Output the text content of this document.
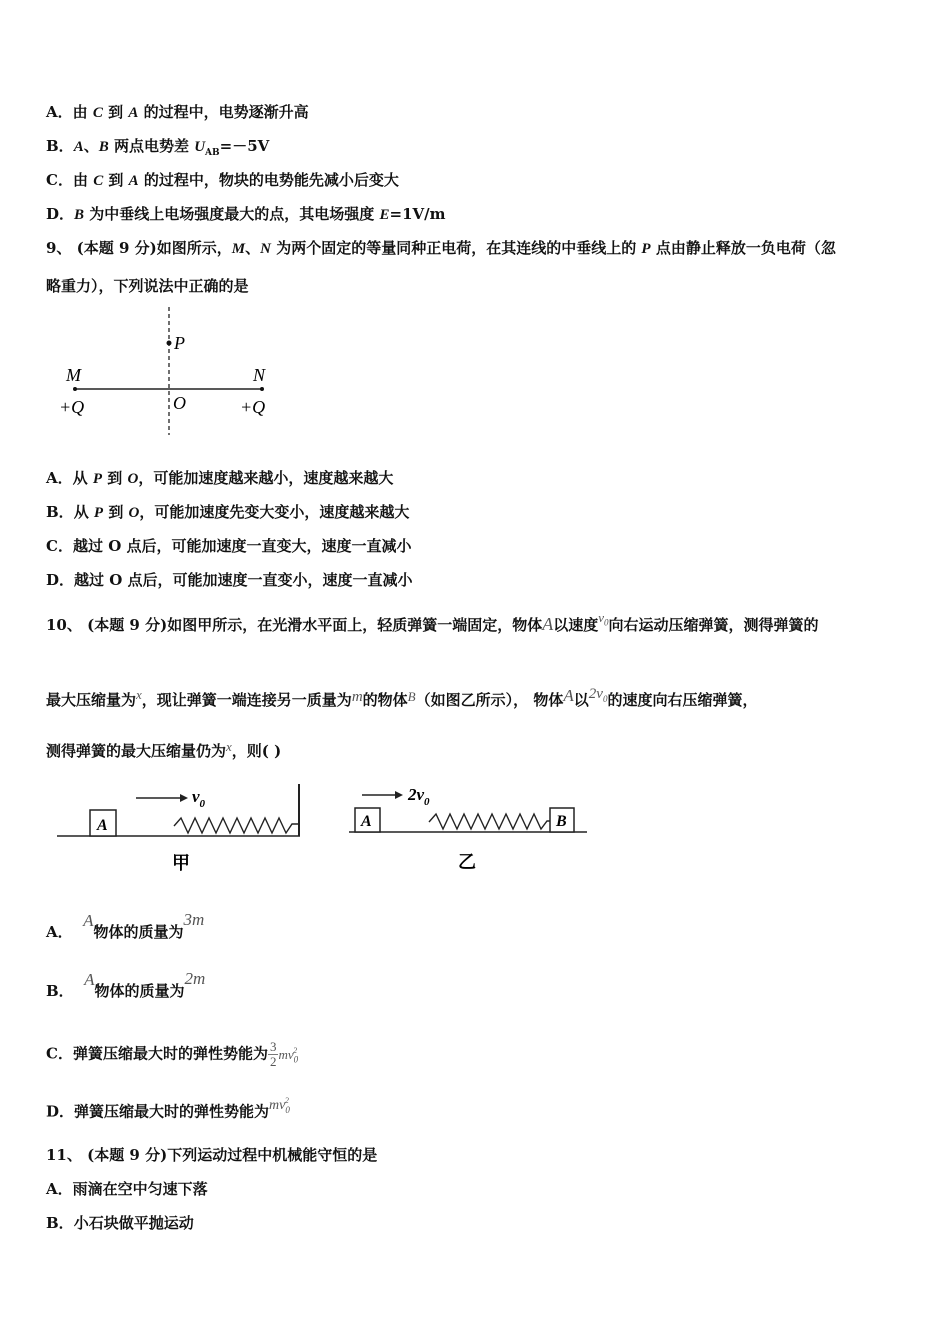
A．由 C 到 A 的过程中，电势逐渐升高
B．A、B 两点电势差 $U_{AB}=-5V$
C．由 C 到 A 的过程中，物块的电势能先减小后变大
D．B 为中垂线上电场强度最大的点，其电场强度 E=1V/m
9、 (本题 9 分)如图所示，M、N 为两个固定的等量同种正电荷，在其连线的中垂线上的 P 点由静止释放一负电荷（忽
略重力），下列说法中正确的是
P
M	N
O
+Q	+Q
A．从 P 到 O，可能加速度越来越小，速度越来越大
B．从 P 到 O，可能加速度先变大变小，速度越来越大
C．越过 O 点后，可能加速度一直变大，速度一直减小
D．越过 O 点后，可能加速度一直变小，速度一直减小
10、 (本题 9 分)如图甲所示，在光滑水平面上，轻质弹簧一端固定，物体A以速度$v_0$向右运动压缩弹簧，测得弹簧的
最大压缩量为x，现让弹簧一端连接另一质量为m的物体B（如图乙所示）， 物体A以$2v_0$的速度向右压缩弹簧，
测得弹簧的最大压缩量仍为x，则( )
A
$v_0$
甲
A	B
$2v_0$
乙
A．  A物体的质量为3m
B．  A物体的质量为2m
C．弹簧压缩最大时的弹性势能为 $\frac{3}{2} mv_0^2$
D．弹簧压缩最大时的弹性势能为$mv_0^2$
11、 (本题 9 分)下列运动过程中机械能守恒的是
A．雨滴在空中匀速下落
B．小石块做平抛运动
